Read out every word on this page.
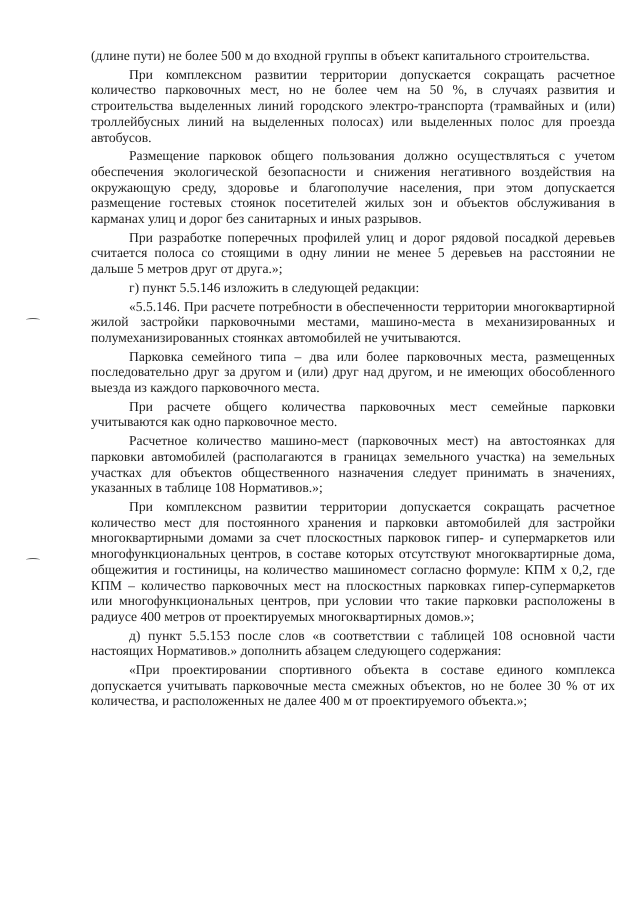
(длине пути) не более 500 м до входной группы в объект капитального строительства.

При комплексном развитии территории допускается сокращать расчетное количество парковочных мест, но не более чем на 50 %, в случаях развития и строительства выделенных линий городского электро-транспорта (трамвайных и (или) троллейбусных линий на выделенных полосах) или выделенных полос для проезда автобусов.

Размещение парковок общего пользования должно осуществляться с учетом обеспечения экологической безопасности и снижения негативного воздействия на окружающую среду, здоровье и благополучие населения, при этом допускается размещение гостевых стоянок посетителей жилых зон и объектов обслуживания в карманах улиц и дорог без санитарных и иных разрывов.

При разработке поперечных профилей улиц и дорог рядовой посадкой деревьев считается полоса со стоящими в одну линии не менее 5 деревьев на расстоянии не дальше 5 метров друг от друга.»;

г) пункт 5.5.146 изложить в следующей редакции:

«5.5.146. При расчете потребности в обеспеченности территории многоквартирной жилой застройки парковочными местами, машино-места в механизированных и полумеханизированных стоянках автомобилей не учитываются.

Парковка семейного типа – два или более парковочных места, размещенных последовательно друг за другом и (или) друг над другом, и не имеющих обособленного выезда из каждого парковочного места.

При расчете общего количества парковочных мест семейные парковки учитываются как одно парковочное место.

Расчетное количество машино-мест (парковочных мест) на автостоянках для парковки автомобилей (располагаются в границах земельного участка) на земельных участках для объектов общественного назначения следует принимать в значениях, указанных в таблице 108 Нормативов.»;

При комплексном развитии территории допускается сокращать расчетное количество мест для постоянного хранения и парковки автомобилей для застройки многоквартирными домами за счет плоскостных парковок гипер- и супермаркетов или многофункциональных центров, в составе которых отсутствуют многоквартирные дома, общежития и гостиницы, на количество машиномест согласно формуле: КПМ х 0,2, где КПМ – количество парковочных мест на плоскостных парковках гипер-супермаркетов или многофункциональных центров, при условии что такие парковки расположены в радиусе 400 метров от проектируемых многоквартирных домов.»;

д) пункт 5.5.153 после слов «в соответствии с таблицей 108 основной части настоящих Нормативов.» дополнить абзацем следующего содержания:

«При проектировании спортивного объекта в составе единого комплекса допускается учитывать парковочные места смежных объектов, но не более 30 % от их количества, и расположенных не далее 400 м от проектируемого объекта.»;
